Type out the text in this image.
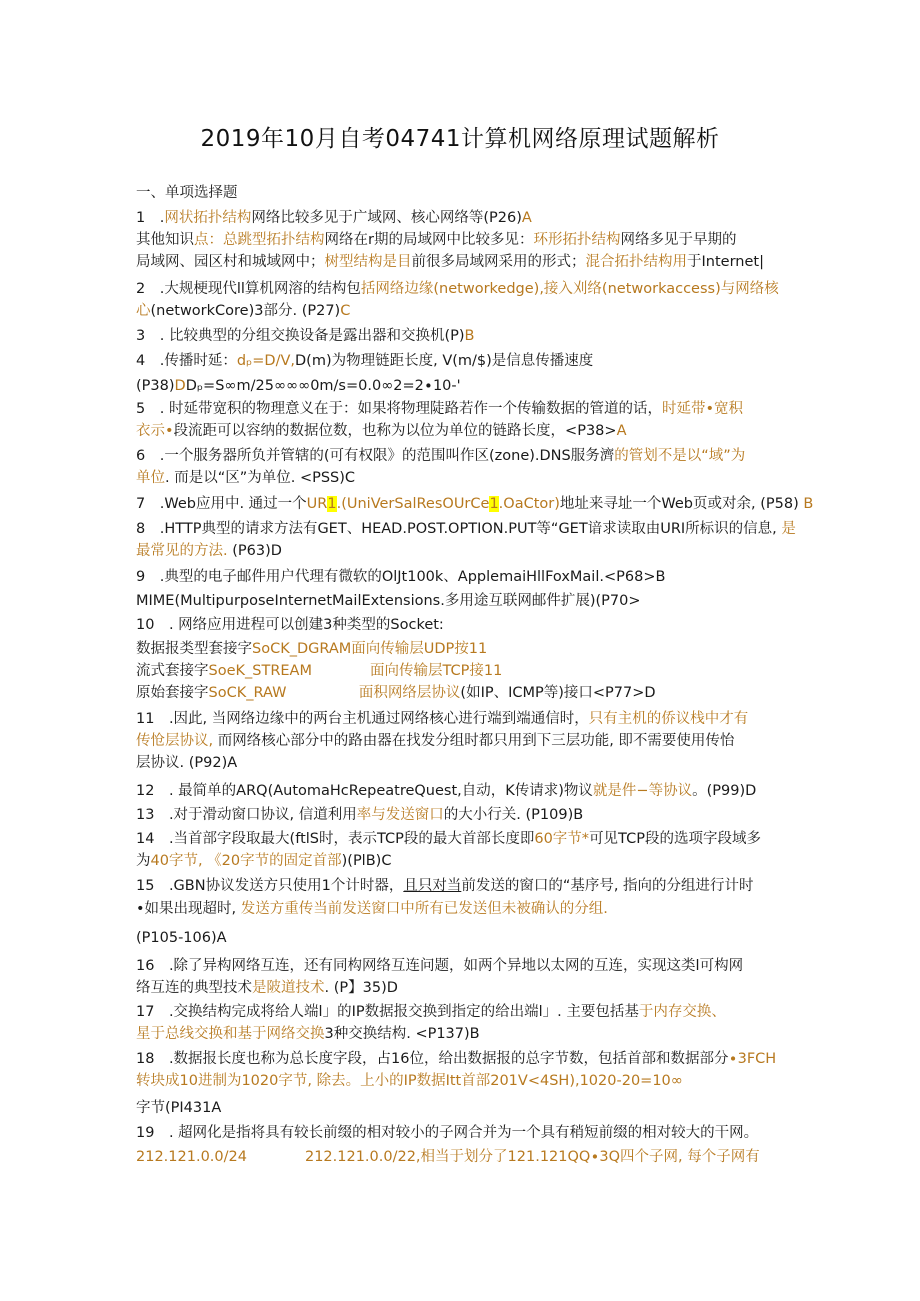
2019年10月自考04741计算机网络原理试题解析
一、单项选择题
1　.网状拓扑结构网络比较多见于广域网、核心网络等(P26)A
其他知识点：总跳型拓扑结构网络在r期的局域网中比较多见：环形拓扑结构网络多见于早期的
局域网、园区村和城域网中；树型结构是目前很多局域网采用的形式；混合拓扑结构用于Internet|
2　.大规梗现代ll算机网溶的结构包括网络边缘(networkedge),接入刈络(networkaccess)与网络核
心(networkCore)3部分. (P27)C
3　. 比较典型的分组交换设备是露出器和交换机(P)B
4　.传播时延：dₚ=D/V,D(m)为物理链距长度, V(m/$)是信息传播速度
(P38)DDₚ=S∞m/25∞∞∞0m/s=0.0∞2=2∙10-'
5　. 时延带宽积的物理意义在于：如果将物理陡路若作一个传输数据的管道的话，时延带•宽积
衣示•段流距可以容纳的数据位数，也称为以位为单位的链路长度，<P38>A
6　.一个服务器所负并管辖的(可有权限》的范围叫作区(zone).DNS服务濟的管划不是以“域”为
单位. 而是以“区”为单位. <PSS)C
7　.Web应用中. 通过一个UR1.(UniVerSalResOUrCe1.OaCtor)地址来寻址一个Web页或对余, (P58) B
8　.HTTP典型的请求方法有GET、HEAD.POST.OPTION.PUT等“GET谙求读取由URI所标识的信息, 是
最常见的方法. (P63)D
9　.典型的电子邮件用户代理有微软的OlJt100k、ApplemaiHllFoxMail.<P68>B
MIME(MultipurposeInternetMailExtensions.多用途互联网邮件扩展)(P70>
10　. 网络应用进程可以创建3种类型的Socket:
数据报类型套接字SoCK_DGRAM面向传输层UDP按11
流式套接字SoeK_STREAM　　　　面向传输层TCP接11
原始套接字SoCK_RAW　　　　　面积网络层协议(如IP、ICMP等)接口<P77>D
11　.因此, 当网络边缘中的两台主机通过网络核心进行端到端通信时，只有主机的侨议栈中才有
传怆层协议, 而网络核心部分中的路由器在找发分组时都只用到下三层功能, 即不需要使用传怡
层协议. (P92)A
12　. 最简单的ARQ(AutomaHcRepeatreQuest,自动，K传请求)物议就是件−等协议。(P99)D
13　.对于滑动窗口协议, 信道利用率与发送窗口的大小行关. (P109)B
14　.当首部字段取最大(ftlS时，表示TCP段的最大首部长度即60字节*可见TCP段的选项字段域多
为40字节, 《20字节的固定首部)(PlB)C
15　.GBN协议发送方只使用1个计时器，且只对当前发送的窗口的“基序号, 指向的分组进行计时
•如果出现超时, 发送方重传当前发送窗口中所有已发送但未被确认的分组.
(P105-106)A
16　.除了异构网络互连，还有同构网络互连问题，如两个异地以太网的互连，实现这类l可构网
络互连的典型技术是陂道技术. (P】35)D
17　.交换结构完成将给人端l」的IP数据报交换到指定的给出端l」. 主要包括基于内存交换、
星于总线交换和基于网络交换3种交换结构. <P137)B
18　.数据报长度也称为总长度字段，占16位，给出数据报的总字节数，包括首部和数据部分∙3FCH
转块成10进制为1020字节, 除去。上小的IP数据Itt首部201V<4SH),1020-20=10∞
字节(PI431A
19　. 超网化是指将具有较长前缀的相对较小的子网合并为一个具有稍短前缀的相对较大的干网。
212.121.0.0/24　　　　212.121.0.0/22,相当于划分了121.121QQ∙3Q四个子网, 每个子网有
